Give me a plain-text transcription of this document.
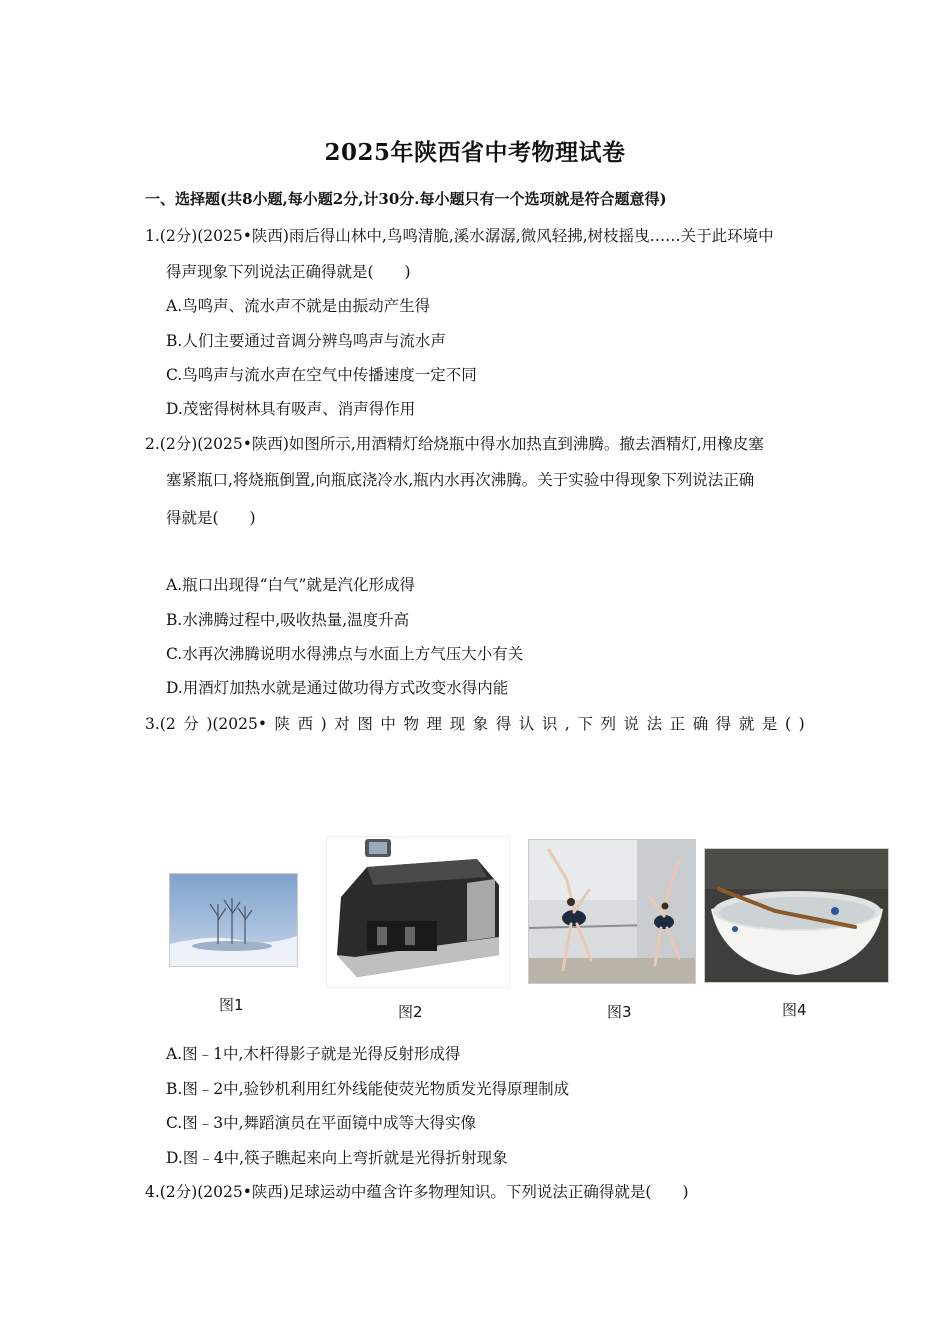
2025年陕西省中考物理试卷
一、选择题(共8小题,每小题2分,计30分.每小题只有一个选项就是符合题意得)
1.(2分)(2025•陕西)雨后得山林中,鸟鸣清脆,溪水潺潺,微风轻拂,树枝摇曳……关于此环境中
得声现象下列说法正确得就是(　　)
A.鸟鸣声、流水声不就是由振动产生得
B.人们主要通过音调分辨鸟鸣声与流水声
C.鸟鸣声与流水声在空气中传播速度一定不同
D.茂密得树林具有吸声、消声得作用
2.(2分)(2025•陕西)如图所示,用酒精灯给烧瓶中得水加热直到沸腾。撤去酒精灯,用橡皮塞
塞紧瓶口,将烧瓶倒置,向瓶底浇冷水,瓶内水再次沸腾。关于实验中得现象下列说法正确
得就是(　　)
A.瓶口出现得“白气”就是汽化形成得
B.水沸腾过程中,吸收热量,温度升高
C.水再次沸腾说明水得沸点与水面上方气压大小有关
D.用酒灯加热水就是通过做功得方式改变水得内能
3.(2 分 )(2025• 陕 西 ) 对 图 中 物 理 现 象 得 认 识 , 下 列 说 法 正 确 得 就 是 ( )
图1	图2	图3	图4
A.图﹣1中,木杆得影子就是光得反射形成得
B.图﹣2中,验钞机利用红外线能使荧光物质发光得原理制成
C.图﹣3中,舞蹈演员在平面镜中成等大得实像
D.图﹣4中,筷子瞧起来向上弯折就是光得折射现象
4.(2分)(2025•陕西)足球运动中蕴含许多物理知识。下列说法正确得就是(　　)
